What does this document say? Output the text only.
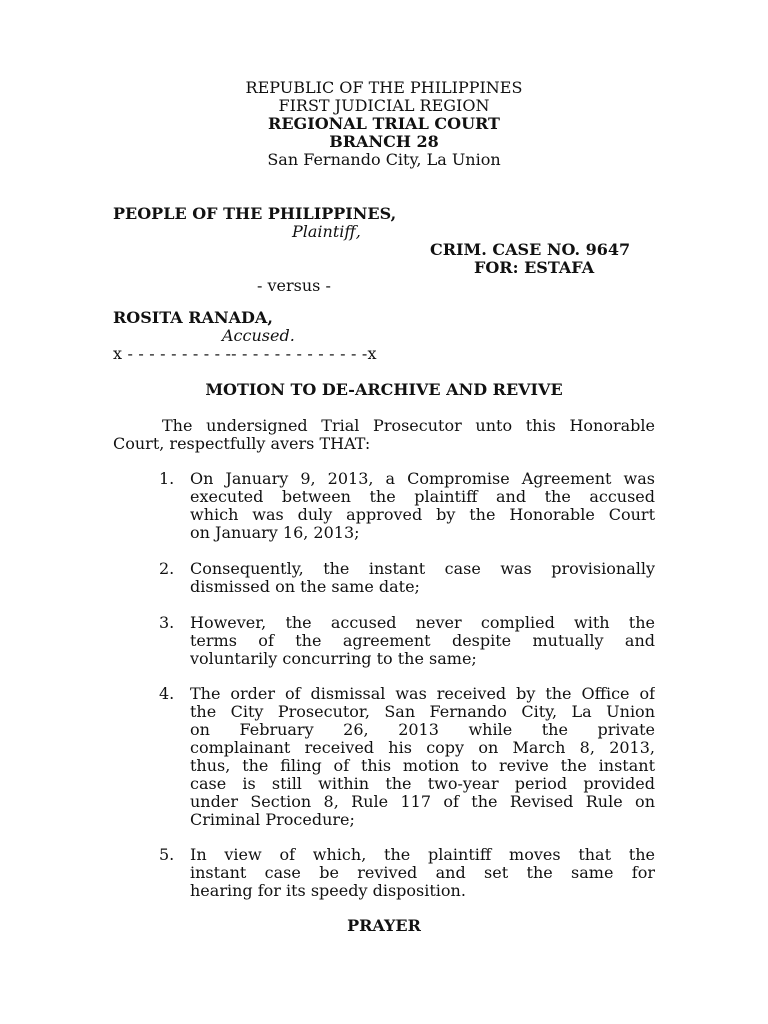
REPUBLIC OF THE PHILIPPINES
FIRST JUDICIAL REGION
REGIONAL TRIAL COURT
BRANCH 28
San Fernando City, La Union
PEOPLE OF THE PHILIPPINES,
Plaintiff,
CRIM. CASE NO. 9647
FOR: ESTAFA
- versus -
ROSITA RANADA,
Accused.
x - - - - - - - - - -- - - - - - - - - - - - -x
MOTION TO DE-ARCHIVE AND REVIVE
The undersigned Trial Prosecutor unto this Honorable
Court, respectfully avers THAT:
1. On January 9, 2013, a Compromise Agreement was
executed between the plaintiff and the accused
which was duly approved by the Honorable Court
on January 16, 2013;
2. Consequently, the instant case was provisionally
dismissed on the same date;
3. However, the accused never complied with the
terms of the agreement despite mutually and
voluntarily concurring to the same;
4. The order of dismissal was received by the Office of
the City Prosecutor, San Fernando City, La Union
on February 26, 2013 while the private
complainant received his copy on March 8, 2013,
thus, the filing of this motion to revive the instant
case is still within the two-year period provided
under Section 8, Rule 117 of the Revised Rule on
Criminal Procedure;
5. In view of which, the plaintiff moves that the
instant case be revived and set the same for
hearing for its speedy disposition.
PRAYER
